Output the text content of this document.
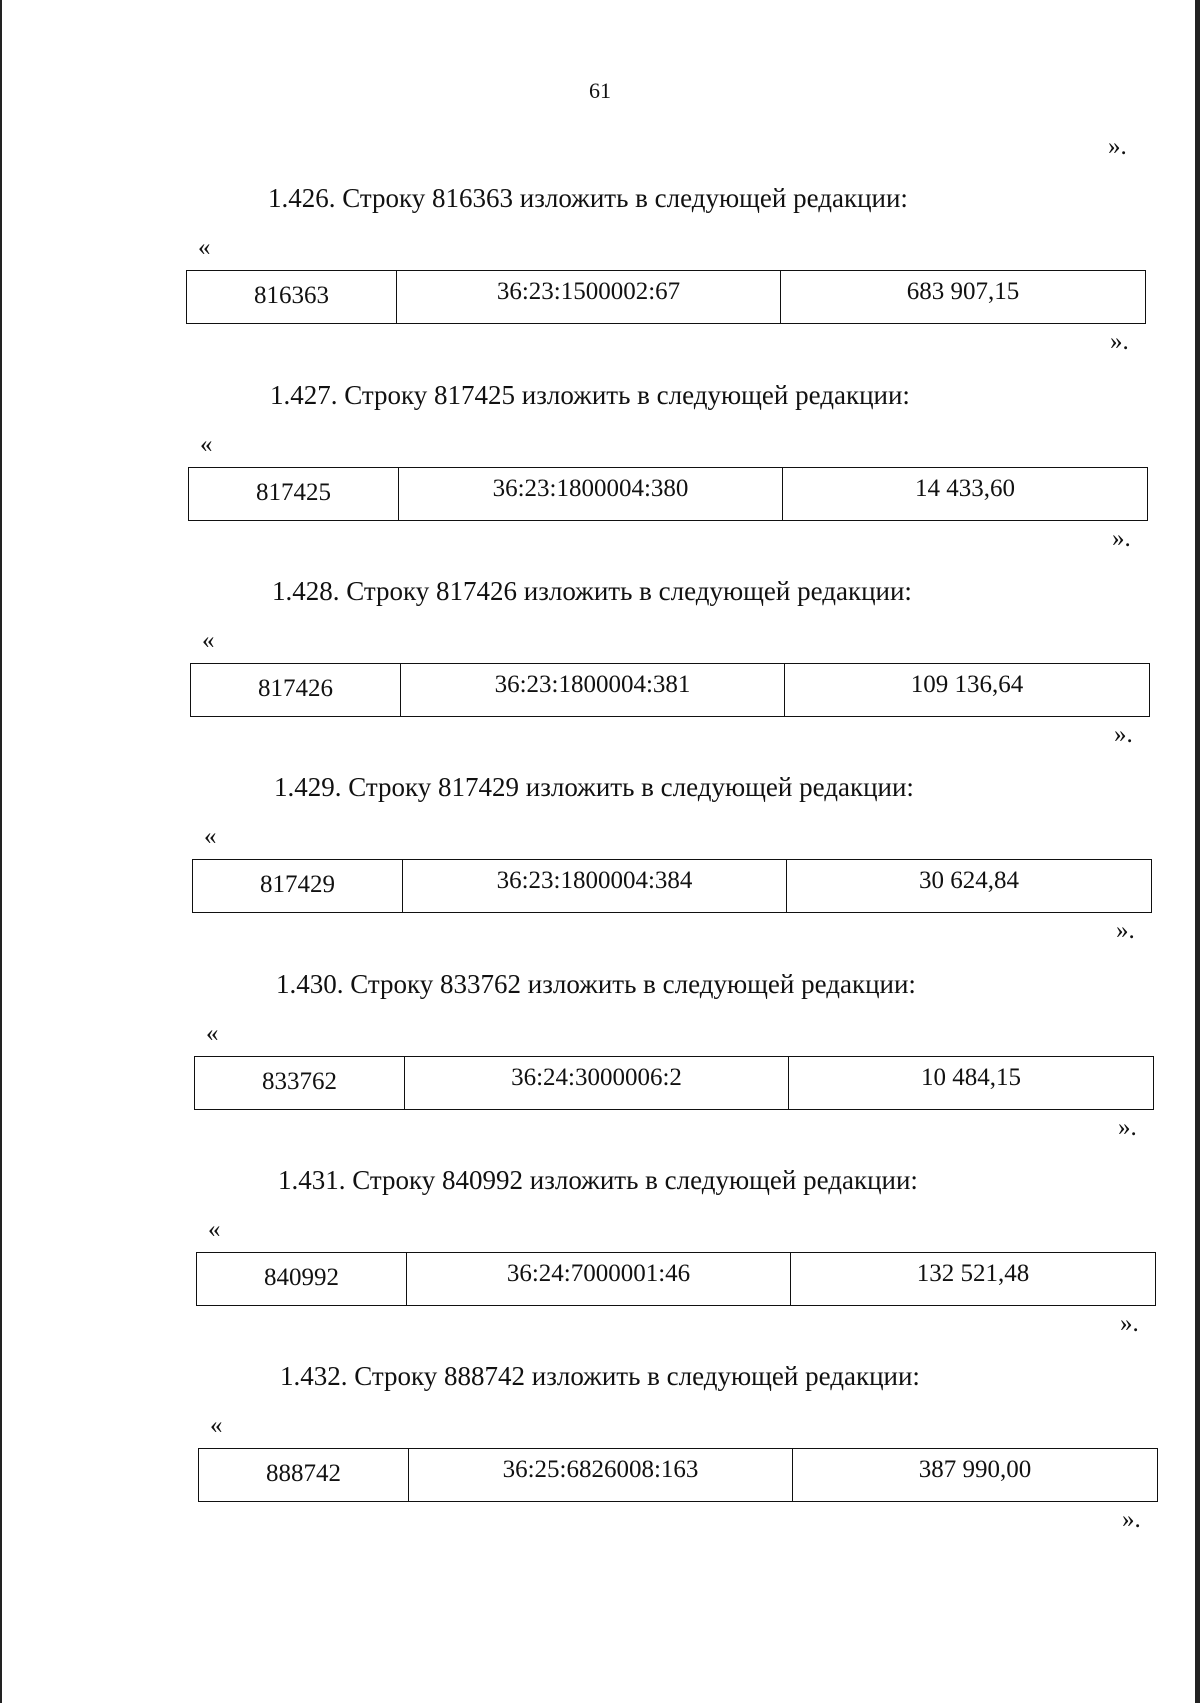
61
».
1.426. Строку 816363 изложить в следующей редакции:
«
816363	36:23:1500002:67	683 907,15
».
1.427. Строку 817425 изложить в следующей редакции:
«
817425	36:23:1800004:380	14 433,60
».
1.428. Строку 817426 изложить в следующей редакции:
«
817426	36:23:1800004:381	109 136,64
».
1.429. Строку 817429 изложить в следующей редакции:
«
817429	36:23:1800004:384	30 624,84
».
1.430. Строку 833762 изложить в следующей редакции:
«
833762	36:24:3000006:2	10 484,15
».
1.431. Строку 840992 изложить в следующей редакции:
«
840992	36:24:7000001:46	132 521,48
».
1.432. Строку 888742 изложить в следующей редакции:
«
888742	36:25:6826008:163	387 990,00
».
